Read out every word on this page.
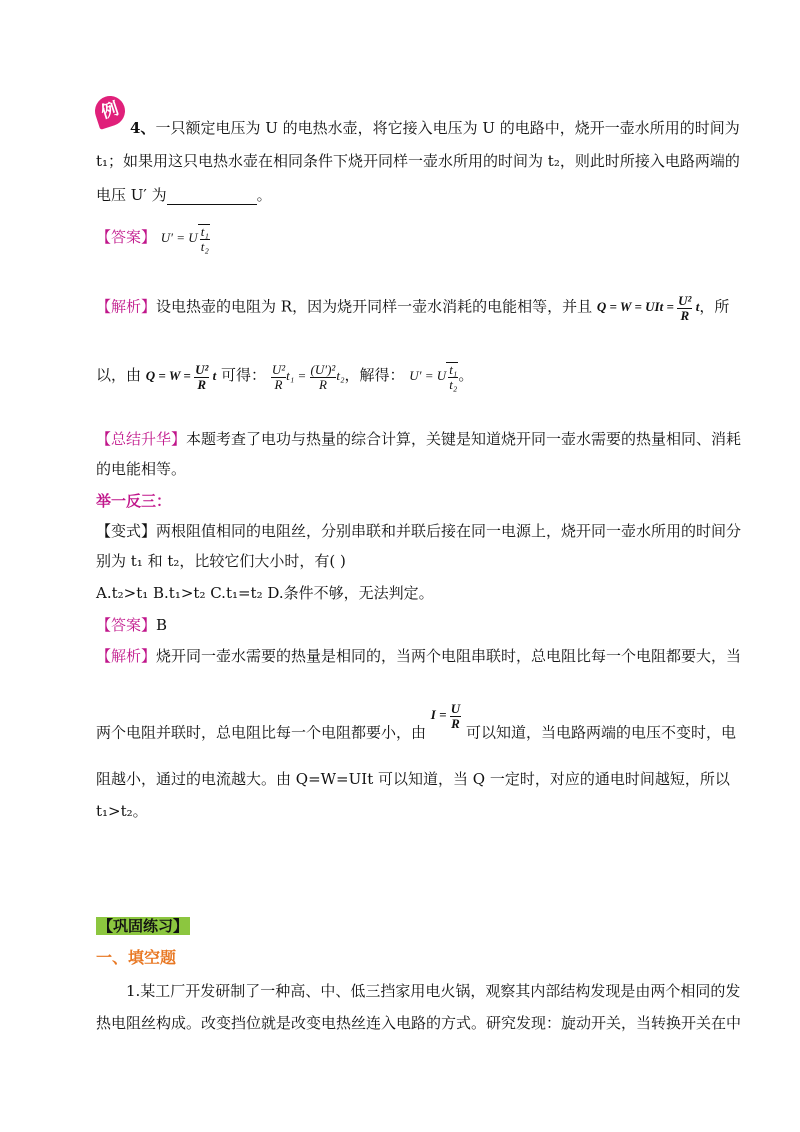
例
4、一只额定电压为 U 的电热水壶，将它接入电压为 U 的电路中，烧开一壶水所用的时间为
t₁；如果用这只电热水壶在相同条件下烧开同样一壶水所用的时间为 t₂，则此时所接入电路两端的
电压 U′ 为	。
【答案】 U′ = U $\frac{\text{t₁}}{\text{t₂}}$
【解析】设电热壶的电阻为 R，因为烧开同样一壶水消耗的电能相等，并且 Q = W = UIt = $\frac{\text{U²}}{R}$ t，所
以，由 $Q = W = \frac{\text{U²}}{R}$ t 可得： $\frac{\text{U²}}{R} t_1 = \frac{\text{(U′)²}}{R} t_2$，解得： U′ = U $\frac{\text{t₁}}{\text{t₂}}$ 。
【总结升华】本题考查了电功与热量的综合计算，关键是知道烧开同一壶水需要的热量相同、消耗
的电能相等。
举一反三：
【变式】两根阻值相同的电阻丝，分别串联和并联后接在同一电源上，烧开同一壶水所用的时间分
别为 t₁ 和 t₂，比较它们大小时，有( )
A.t₂>t₁ B.t₁>t₂ C.t₁=t₂ D.条件不够，无法判定。
【答案】B
【解析】烧开同一壶水需要的热量是相同的，当两个电阻串联时，总电阻比每一个电阻都要大，当
两个电阻并联时，总电阻比每一个电阻都要小，由 $I = \frac{U}{R}$
可以知道，当电路两端的电压不变时，电
阻越小，通过的电流越大。由 Q=W=UIt 可以知道，当 Q 一定时，对应的通电时间越短，所以
t₁>t₂。
【巩固练习】
一、填空题
1.某工厂开发研制了一种高、中、低三挡家用电火锅，观察其内部结构发现是由两个相同的发
热电阻丝构成。改变挡位就是改变电热丝连入电路的方式。研究发现：旋动开关，当转换开关在中
